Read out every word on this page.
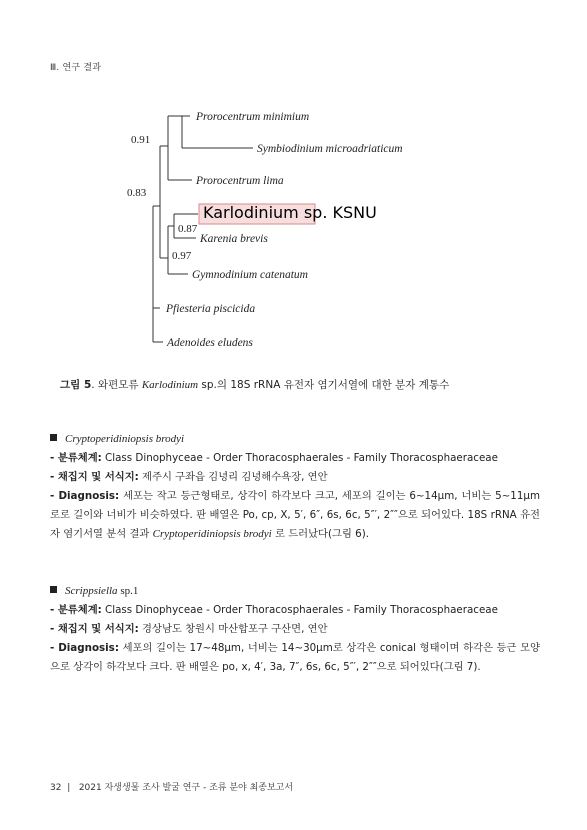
Ⅲ. 연구 결과
Prorocentrum minimium
Symbiodinium microadriaticum
Prorocentrum lima
Karlodinium sp. KSNU
Karenia brevis
Gymnodinium catenatum
Pfiesteria piscicida
Adenoides eludens
0.91
0.83
0.87
0.97
그림 5. 와편모류 Karlodinium sp.의 18S rRNA 유전자 염기서열에 대한 분자 계통수
Cryptoperidiniopsis brodyi
- 분류체계: Class Dinophyceae - Order Thoracosphaerales - Family Thoracosphaeraceae
- 채집지 및 서식지: 제주시 구좌읍 김녕리 김녕해수욕장, 연안
- Diagnosis: 세포는 작고 등근형태로, 상각이 하각보다 크고, 세포의 길이는 6∼14μm, 너비는 5∼11μm로로 길이와 너비가 비슷하였다. 판 배열은 Po, cp, X, 5′, 6″, 6s, 6c, 5″′, 2″″으로 되어있다. 18S rRNA 유전자 염기서열 분석 결과 Cryptoperidiniopsis brodyi 로 드러났다(그림 6).
Scrippsiella sp.1
- 분류체계: Class Dinophyceae - Order Thoracosphaerales - Family Thoracosphaeraceae
- 채집지 및 서식지: 경상남도 창원시 마산합포구 구산면, 연안
- Diagnosis: 세포의 길이는 17∼48μm, 너비는 14∼30μm로 상각은 conical 형태이며 하각은 등근 모양으로 상각이 하각보다 크다. 판 배열은 po, x, 4′, 3a, 7″, 6s, 6c, 5″′, 2″″으로 되어있다(그림 7).
32 | 2021 자생생물 조사 발굴 연구 - 조류 분야 최종보고서
